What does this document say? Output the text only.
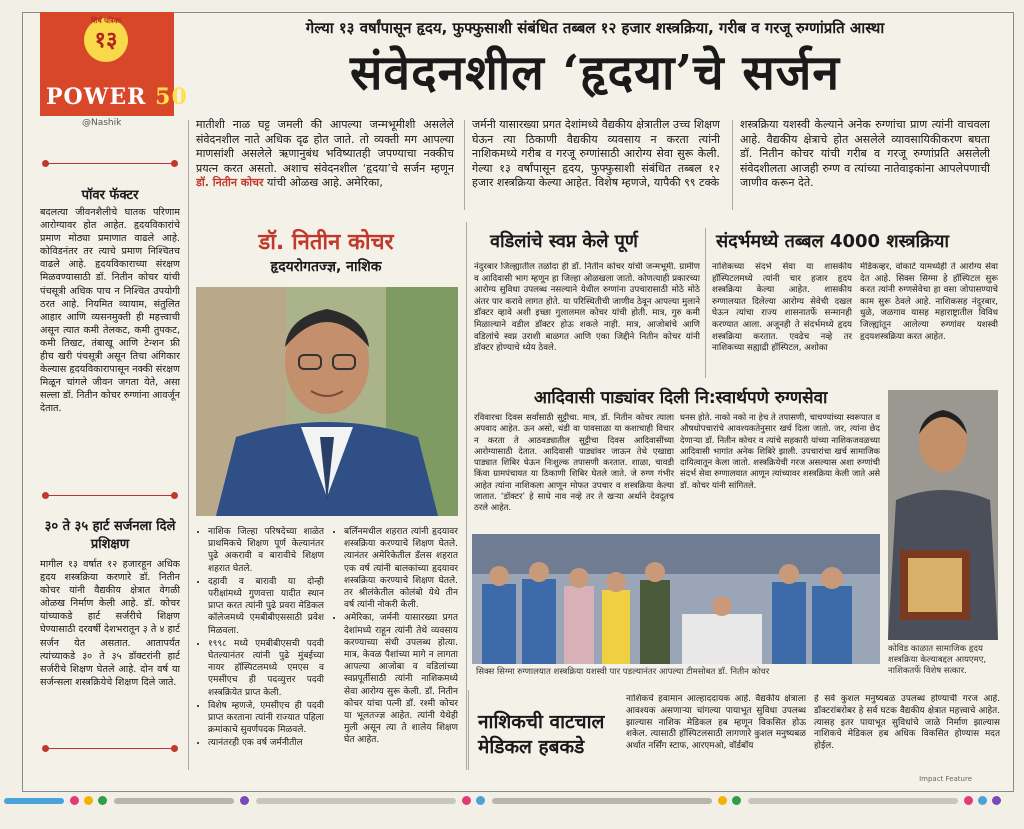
शिर्ष पत्रिका
१३
POWER 50
@Nashik
गेल्या १३ वर्षांपासून हृदय, फुफ्फुसाशी संबंधित तब्बल १२ हजार शस्त्रक्रिया, गरीब व गरजू रुग्णांप्रति आस्था
संवेदनशील ‘हृदया’चे सर्जन
मातीशी नाळ घट्ट जमली की आपल्या जन्मभूमीशी असलेले संवेदनशील नाते अधिक दृढ होत जाते. तो व्यक्ती मग आपल्या माणसांशी असलेले ऋणानुबंध भविष्यातही जपण्याचा नक्कीच प्रयत्न करत असतो. अशाच संवेदनशील ‘हृदया’चे सर्जन म्हणून डॉ. नितीन कोचर यांची ओळख आहे. अमेरिका,
जर्मनी यासारख्या प्रगत देशांमध्ये वैद्यकीय क्षेत्रातील उच्च शिक्षण घेऊन त्या ठिकाणी वैद्यकीय व्यवसाय न करता त्यांनी नाशिकमध्ये गरीब व गरजू रुग्णांसाठी आरोग्य सेवा सुरू केली. गेल्या १३ वर्षांपासून हृदय, फुफ्फुसाशी संबंधित तब्बल १२ हजार शस्त्रक्रिया केल्या आहेत. विशेष म्हणजे, यापैकी ९९ टक्के
शस्त्रक्रिया यशस्वी केल्याने अनेक रुग्णांचा प्राण त्यांनी वाचवला आहे. वैद्यकीय क्षेत्राचे होत असलेले व्यावसायिकीकरण बघता डॉ. नितीन कोचर यांची गरीब व गरजू रुग्णांप्रति असलेली संवेदशीलता आजही रुग्ण व त्यांच्या नातेवाइकांना आपलेपणाची जाणीव करून देते.
पॉवर फॅक्टर
बदलत्या जीवनशैलीचे घातक परिणाम आरोग्यावर होत आहेत. हृदयविकारांचे प्रमाण मोठ्या प्रमाणात वाढले आहे. कोविडनंतर तर त्याचे प्रमाण निश्चितच वाढले आहे. हृदयविकाराच्या संरक्षण मिळवण्यासाठी डॉ. नितीन कोचर यांची पंचसूत्री अधिक पाच न निश्चित उपयोगी ठरत आहे. नियमित व्यायाम, संतुलित आहार आणि व्यसनमुक्ती ही महत्त्वाची असून त्यात कमी तेलकट, कमी तुपकट, कमी तिखट, तंबाखू आणि टेन्शन फ्री हीच खरी पंचसूत्री असून तिचा अंगिकार केल्यास हृदयविकारापासून नक्की संरक्षण मिळून चांगले जीवन जगता येते, असा सल्ला डॉ. नितीन कोचर रुग्णांना आवर्जून देतात.
३० ते ३५ हार्ट सर्जनला दिले प्रशिक्षण
मागील १३ वर्षात १२ हजारहून अधिक हृदय शस्त्रक्रिया करणारे डॉ. नितीन कोचर यांनी वैद्यकीय क्षेत्रात वेगळी ओळख निर्माण केली आहे. डॉ. कोचर यांच्याकडे हार्ट सर्जरीचे शिक्षण घेण्यासाठी दरवर्षी देशभरातून ३ ते ४ हार्ट सर्जन येत असतात. आतापर्यंत त्यांच्याकडे ३० ते ३५ डॉक्टरांनी हार्ट सर्जरीचे शिक्षण घेतले आहे. दोन वर्ष या सर्जन्सला शस्त्रक्रियेचे शिक्षण दिले जाते.
डॉ. नितीन कोचर
हृदयरोगतज्ज्ञ, नाशिक
• नाशिक जिल्हा परिषदेच्या शाळेत प्राथमिकचे शिक्षण पूर्ण केल्यानंतर पुढे अकरावी व बारावीचे शिक्षण शहरात घेतले.
• दहावी व बारावी या दोन्ही परीक्षांमध्ये गुणवत्ता यादीत स्थान प्राप्त करत त्यांनी पुढे प्रवरा मेडिकल कॉलेजमध्ये एमबीबीएससाठी प्रवेश मिळवला.
• १९९८ मध्ये एमबीबीएसची पदवी घेतल्यानंतर त्यांनी पुढे मुंबईच्या नायर हॉस्पिटलमध्ये एमएस व एमसीएच ही पदव्युत्तर पदवी शस्त्रक्रियेत प्राप्त केली.
• विशेष म्हणजे, एमसीएच ही पदवी प्राप्त करताना त्यांनी राज्यात पहिला क्रमांकाचे सुवर्णपदक मिळवले.
• त्यानंतरही एक वर्ष जर्मनीतील
• बर्लिनमधील शहरात त्यांनी हृदयावर शस्त्रक्रिया करण्याचे शिक्षण घेतले. त्यानंतर अमेरिकेतील डॅलस शहरात एक वर्ष त्यांनी बालकांच्या हृदयावर शस्त्रक्रिया करण्याचे शिक्षण घेतले. तर श्रीलंकेतील कोलंबो येथे तीन वर्ष त्यांनी नोकरी केली.
• अमेरिका, जर्मनी यासारख्या प्रगत देशांमध्ये राहून त्यांनी तेथे व्यवसाय करण्याच्या संधी उपलब्ध होत्या. मात्र, केवळ पैशांच्या मागे न लागता आपल्या आजोबा व वडिलांच्या स्वप्नपूर्तीसाठी त्यांनी नाशिकमध्ये सेवा आरोग्य सुरू केली. डॉ. नितीन कोचर यांचा पत्नी डॉ. रश्मी कोचर या भूलतज्ज्ञ आहेत. त्यांनी येथेही मुली असून त्या ते शालेय शिक्षण घेत आहेत.
वडिलांचे स्वप्न केले पूर्ण
नंदुरबार जिल्ह्यातील तळोदा ही डॉ. नितीन कोचर यांची जन्मभूमी. ग्रामीण व आदिवासी भाग म्हणून हा जिल्हा ओळखला जातो. कोणत्याही प्रकारच्या आरोग्य सुविधा उपलब्ध नसल्याने येथील रुग्णांना उपचारासाठी मोठे मोठे अंतर पार करावे लागत होते. या परिस्थितीची जाणीव ठेवून आपल्या मुलाने डॉक्टर व्हावे अशी इच्छा गुलालमल कोचर यांची होती. मात्र, गुरु कमी मिळाल्याने वडील डॉक्टर होऊ शकले नाही. मात्र, आजोबांचे आणि वडिलांचे स्वप्न उराशी बाळगत आणि एका जिद्दीने नितीन कोचर यांनी डॉक्टर होण्याचे ध्येय ठेवले.
संदर्भमध्ये तब्बल 4000 शस्त्रक्रिया
नाशिकच्या संदर्भ सेवा या शासकीय हॉस्पिटलमध्ये त्यांनी चार हजार हृदय शस्त्रक्रिया केल्या आहेत. शासकीय रुग्णालयात दिलेल्या आरोग्य सेवेची दखल घेऊन त्यांचा राज्य शासनातर्फे सन्मानही करण्यात आला. अजूनही ते संदर्भमध्ये हृदय शस्त्रक्रिया करतात. एवढेच नव्हे तर नाशिकच्या सह्याद्री हॉस्पिटल, अशोका
मेडिकव्हर, वोकार्ट यामध्येही ते आरोग्य सेवा देत आहे. सिक्स सिग्मा हे हॉस्पिटल सुरू करत त्यांनी रुग्णसेवेचा हा वसा जोपासण्याचे काम सुरू ठेवले आहे. नाशिकसह नंदुरबार, धुळे, जळगाव यासह महाराष्ट्रातील विविध जिल्ह्यांतून आलेल्या रुग्णांवर यशस्वी हृदयशस्त्रक्रिया करत आहेत.
आदिवासी पाड्यांवर दिली नि:स्वार्थपणे रुग्णसेवा
रविवारचा दिवस सर्वांसाठी सुट्टीचा. मात्र, डॉ. नितीन कोचर त्याला अपवाद आहेत. ऊन असो, थंडी वा पावसाळा या कशाचाही विचार न करता ते आठवड्यातील सुट्टीचा दिवस आदिवासींच्या आरोग्यासाठी देतात. आदिवासी पाड्यांवर जाऊन तेथे एखाद्या पाड्यात शिबिर घेऊन निःशुल्क तपासणी करतात. शाळा, चावडी किंवा ग्रामपंचायत या ठिकाणी शिबिर घेतले जाते. जे रुग्ण गंभीर आहेत त्यांना नाशिकला आणून मोफत उपचार व शस्त्रक्रिया केल्या जातात. ‘डॉक्टर’ हे साधे नाव नव्हे तर ते खऱ्या अर्थाने देवदूतच ठरले आहेत.
घनस होते. नाको नको ना हेच ते तपासणी, चाचण्यांच्या स्वरूपात व औषधोपचारांचे आवश्यकतेनुसार खर्च दिला जातो. जर, त्यांना छेद देणाऱ्या डॉ. नितीन कोचर व त्यांचे सहकारी यांच्या नाशिकजवळच्या आदिवासी भागांत अनेक शिबिरे झाली. उपचारांचा खर्च सामाजिक दायित्वातून केला जातो. शस्त्रक्रियेची गरज असल्यास अशा रुग्णांची संदर्भ सेवा रुग्णालयात आणून त्यांच्यावर शस्त्रक्रिया केली जाते असे डॉ. कोचर यांनी सांगितले.
सिक्स सिग्मा रुग्णालयात शस्त्रक्रिया यशस्वी पार पडल्यानंतर आपल्या टीमसोबत डॉ. नितीन कोचर
कोविड काळात सामाजिक हृदय शस्त्रक्रिया केल्याबद्दल आयएमए, नाशिकतर्फे विशेष सत्कार.
नाशिकची वाटचाल मेडिकल हबकडे
नाशिकचे हवामान आल्हाददायक आहे. वैद्यकीय क्षेत्राला आवश्यक असणाऱ्या चांगल्या पायाभूत सुविधा उपलब्ध झाल्यास नाशिक मेडिकल हब म्हणून विकसित होऊ शकेल. त्यासाठी हॉस्पिटलसाठी लागणारे कुशल मनुष्यबळ अर्थात नर्सिंग स्टाफ, आरएमओ, वॉर्डबॉय
हे सर्व कुशल मनुष्यबळ उपलब्ध होण्याची गरज आहे. डॉक्टरांबरोबर हे सर्व घटक वैद्यकीय क्षेत्रात महत्त्वाचे आहेत. त्यासह इतर पायाभूत सुविधांचे जाळे निर्माण झाल्यास नाशिकचे मेडिकल हब अधिक विकसित होण्यास मदत होईल.
Impact Feature
